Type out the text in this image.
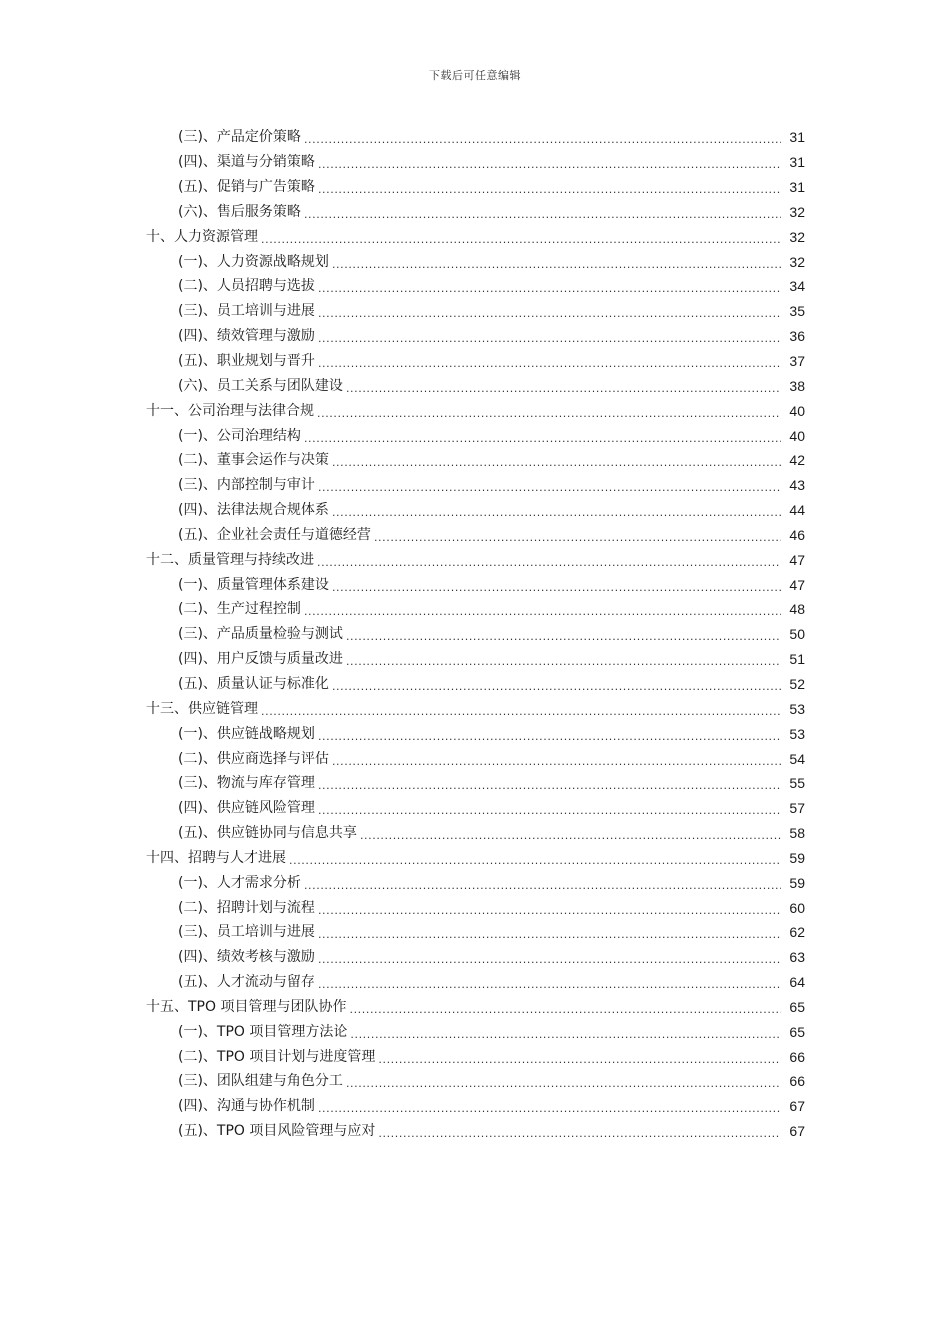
下载后可任意编辑
(三)、产品定价策略 .....	31
(四)、渠道与分销策略 .....	31
(五)、促销与广告策略 .....	31
(六)、售后服务策略 .....	32
十、人力资源管理 .....	32
(一)、人力资源战略规划 .....	32
(二)、人员招聘与选拔 .....	34
(三)、员工培训与进展 .....	35
(四)、绩效管理与激励 .....	36
(五)、职业规划与晋升 .....	37
(六)、员工关系与团队建设 .....	38
十一、公司治理与法律合规 .....	40
(一)、公司治理结构 .....	40
(二)、董事会运作与决策 .....	42
(三)、内部控制与审计 .....	43
(四)、法律法规合规体系 .....	44
(五)、企业社会责任与道德经营 .....	46
十二、质量管理与持续改进 .....	47
(一)、质量管理体系建设 .....	47
(二)、生产过程控制 .....	48
(三)、产品质量检验与测试 .....	50
(四)、用户反馈与质量改进 .....	51
(五)、质量认证与标准化 .....	52
十三、供应链管理 .....	53
(一)、供应链战略规划 .....	53
(二)、供应商选择与评估 .....	54
(三)、物流与库存管理 .....	55
(四)、供应链风险管理 .....	57
(五)、供应链协同与信息共享 .....	58
十四、招聘与人才进展 .....	59
(一)、人才需求分析 .....	59
(二)、招聘计划与流程 .....	60
(三)、员工培训与进展 .....	62
(四)、绩效考核与激励 .....	63
(五)、人才流动与留存 .....	64
十五、TPO 项目管理与团队协作 .....	65
(一)、TPO 项目管理方法论 .....	65
(二)、TPO 项目计划与进度管理 .....	66
(三)、团队组建与角色分工 .....	66
(四)、沟通与协作机制 .....	67
(五)、TPO 项目风险管理与应对 .....	67
